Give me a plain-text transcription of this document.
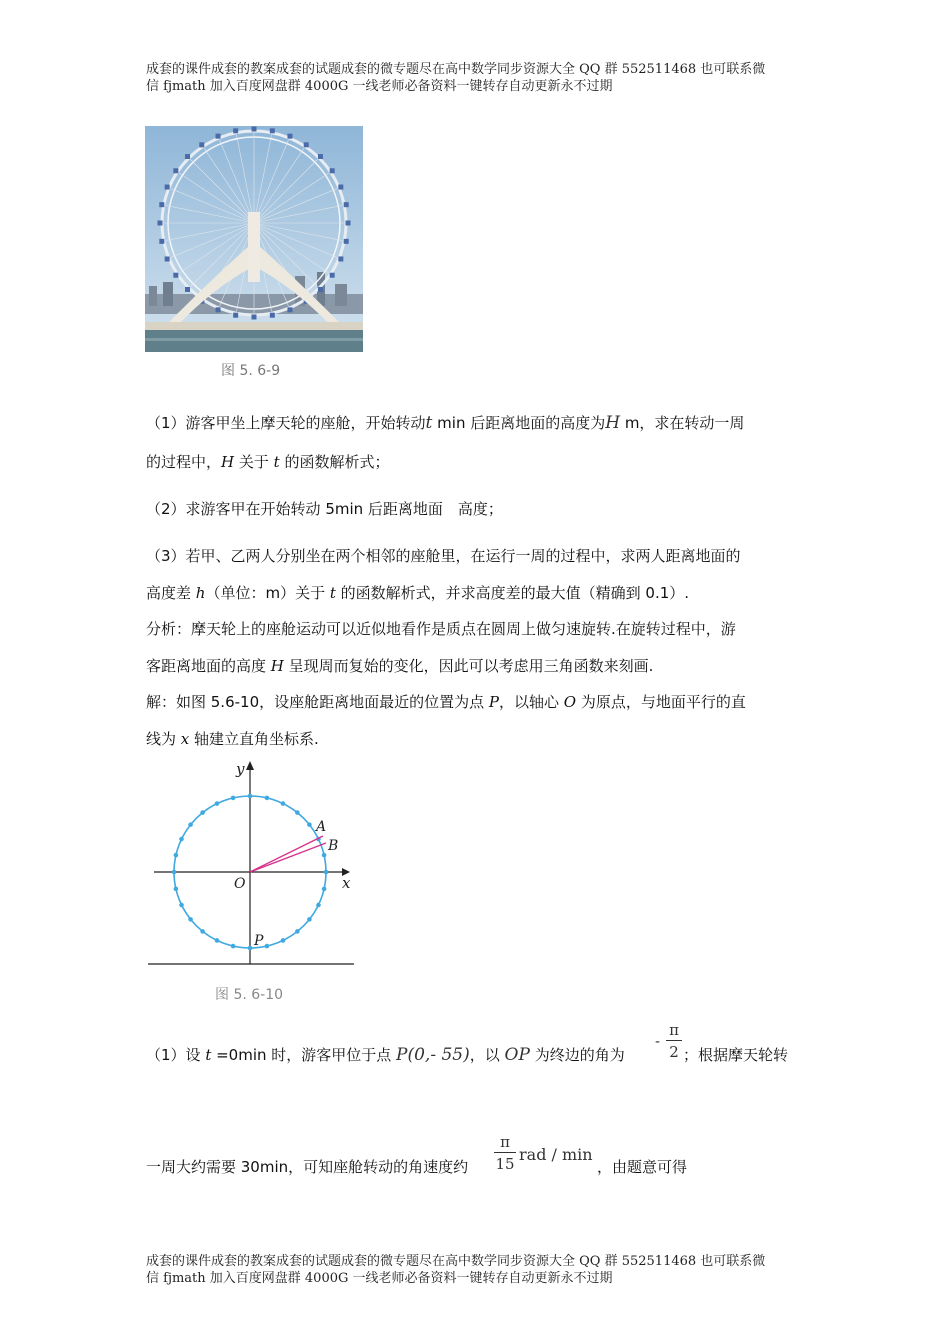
成套的课件成套的教案成套的试题成套的微专题尽在高中数学同步资源大全 QQ 群 552511468 也可联系微
信 fjmath 加入百度网盘群 4000G 一线老师必备资料一键转存自动更新永不过期
图 5. 6-9
（1）游客甲坐上摩天轮的座舱，开始转动t min 后距离地面的高度为H m，求在转动一周
的过程中，H 关于 t 的函数解析式；
（2）求游客甲在开始转动 5min 后距离地面　高度；
（3）若甲、乙两人分别坐在两个相邻的座舱里，在运行一周的过程中，求两人距离地面的
高度差 h（单位：m）关于 t 的函数解析式，并求高度差的最大值（精确到 0.1）.
分析：摩天轮上的座舱运动可以近似地看作是质点在圆周上做匀速旋转.在旋转过程中，游
客距离地面的高度 H 呈现周而复始的变化，因此可以考虑用三角函数来刻画.
解：如图 5.6-10，设座舱距离地面最近的位置为点 P，以轴心 O 为原点，与地面平行的直
线为 x 轴建立直角坐标系.
y
x
O
A
B
P
图 5. 6-10
（1）设 t =0min 时，游客甲位于点 P(0,- 55)，以 OP 为终边的角为
- $\frac{\pi}{2}$ ；根据摩天轮转
一周大约需要 30min，可知座舱转动的角速度约 $\frac{\pi}{15}$ rad / min
，由题意可得
成套的课件成套的教案成套的试题成套的微专题尽在高中数学同步资源大全 QQ 群 552511468 也可联系微
信 fjmath 加入百度网盘群 4000G 一线老师必备资料一键转存自动更新永不过期
